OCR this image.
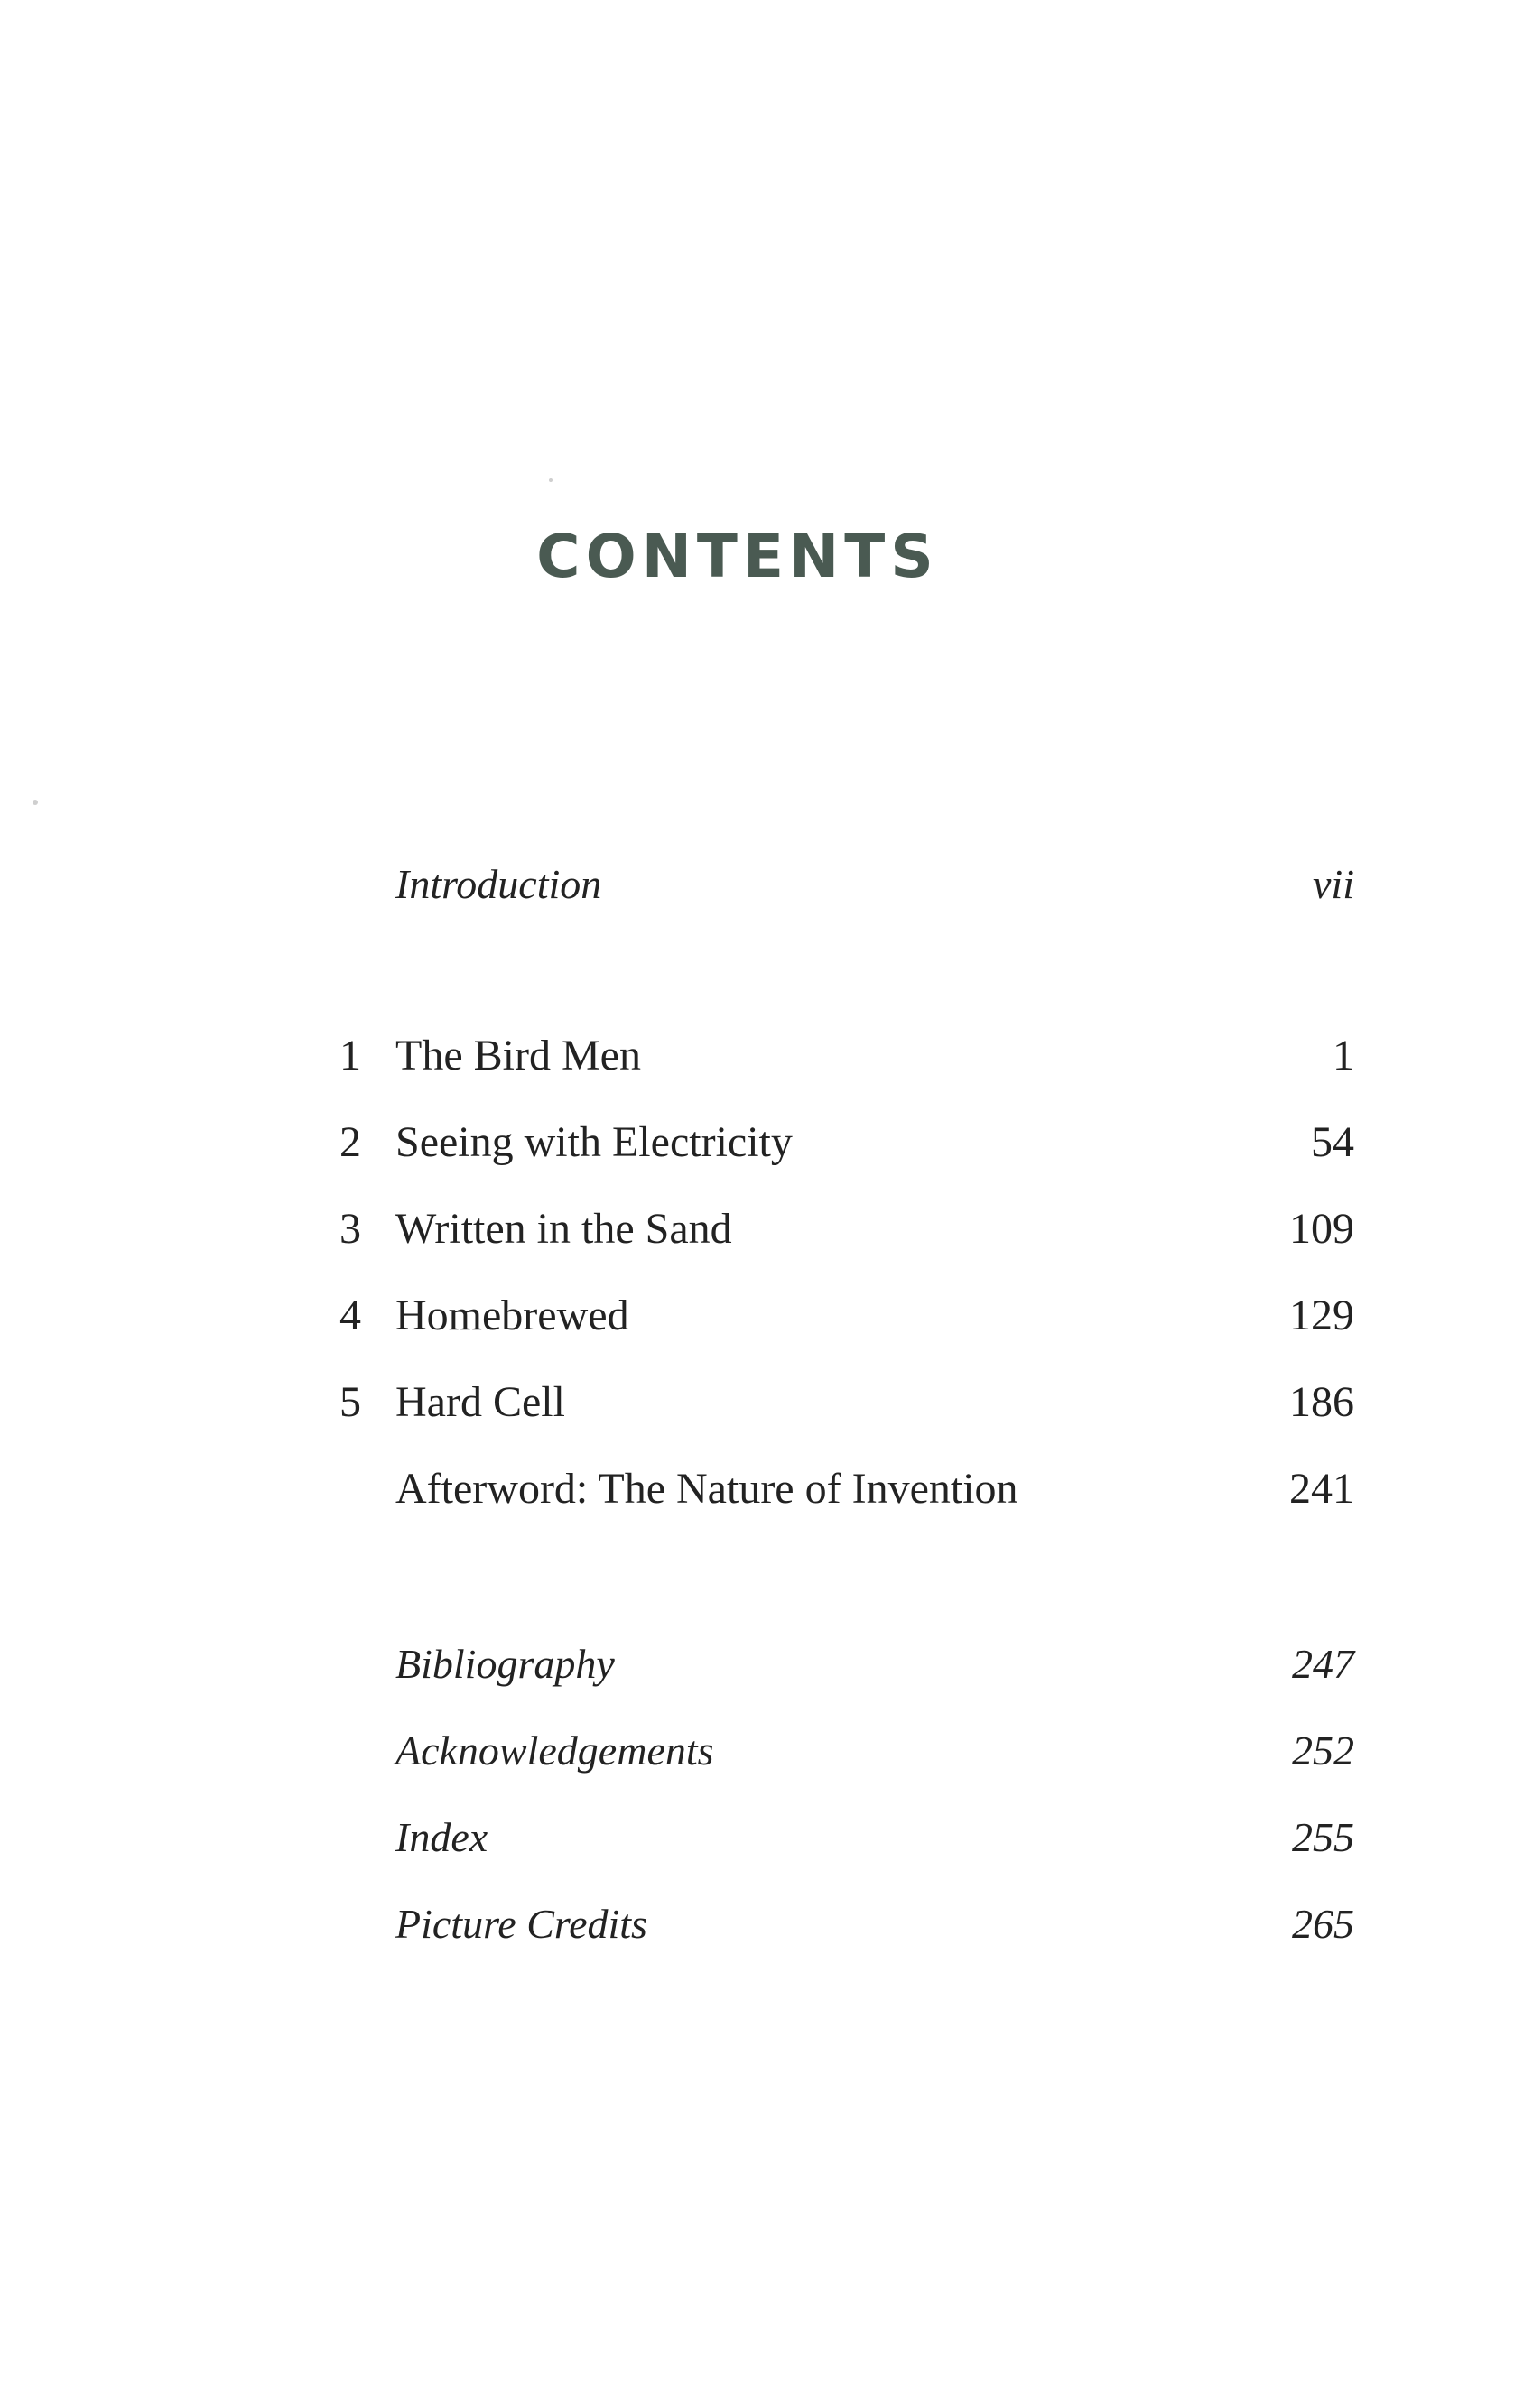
CONTENTS
Introduction	vii
1 The Bird Men	1
2 Seeing with Electricity	54
3 Written in the Sand	109
4 Homebrewed	129
5 Hard Cell	186
Afterword: The Nature of Invention	241
Bibliography	247
Acknowledgements	252
Index	255
Picture Credits	265
